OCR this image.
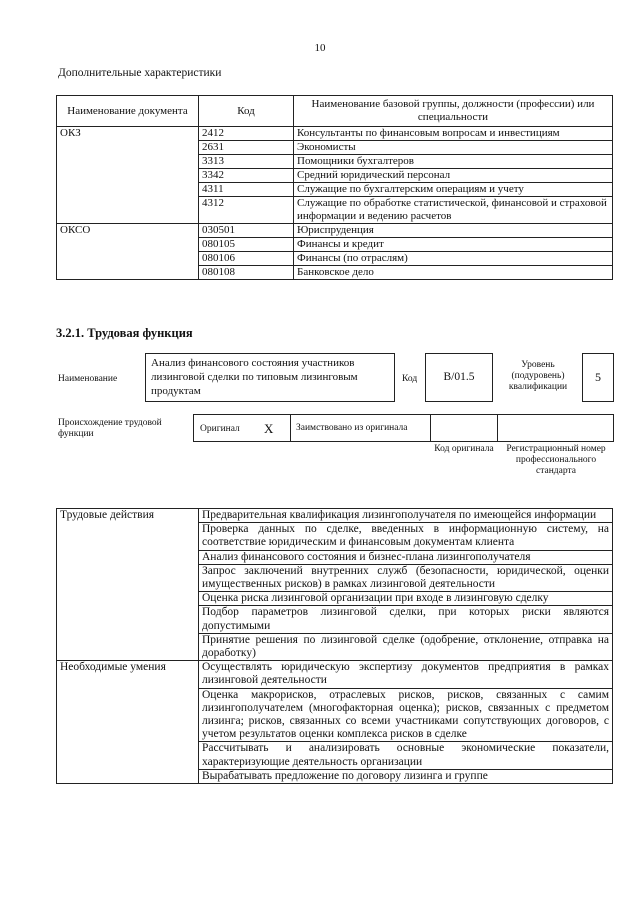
10
Дополнительные характеристики
Наименование документа	Код	Наименование базовой группы, должности (профессии) или специальности
ОКЗ	2412	Консультанты по финансовым вопросам и инвестициям
	2631	Экономисты
	3313	Помощники бухгалтеров
	3342	Средний юридический персонал
	4311	Служащие по бухгалтерским операциям и учету
	4312	Служащие по обработке статистической, финансовой и страховой информации и ведению расчетов
ОКСО	030501	Юриспруденция
	080105	Финансы и кредит
	080106	Финансы (по отраслям)
	080108	Банковское дело
3.2.1. Трудовая функция
Наименование
Анализ финансового состояния участников лизинговой сделки по типовым лизинговым продуктам
Код	B/01.5
Уровень (подуровень) квалификации
5
Происхождение трудовой функции	Оригинал X	Заимствовано из оригинала
Код оригинала	Регистрационный номер профессионального стандарта
Трудовые действия	Предварительная квалификация лизингополучателя по имеющейся информации
	Проверка данных по сделке, введенных в информационную систему, на соответствие юридическим и финансовым документам клиента
	Анализ финансового состояния и бизнес-плана лизингополучателя
	Запрос заключений внутренних служб (безопасности, юридической, оценки имущественных рисков) в рамках лизинговой деятельности
	Оценка риска лизинговой организации при входе в лизинговую сделку
	Подбор параметров лизинговой сделки, при которых риски являются допустимыми
	Принятие решения по лизинговой сделке (одобрение, отклонение, отправка на доработку)
Необходимые умения	Осуществлять юридическую экспертизу документов предприятия в рамках лизинговой деятельности
	Оценка макрорисков, отраслевых рисков, рисков, связанных с самим лизингополучателем (многофакторная оценка); рисков, связанных с предметом лизинга; рисков, связанных со всеми участниками сопутствующих договоров, с учетом результатов оценки комплекса рисков в сделке
	Рассчитывать и анализировать основные экономические показатели, характеризующие деятельность организации
	Вырабатывать предложение по договору лизинга и группе
